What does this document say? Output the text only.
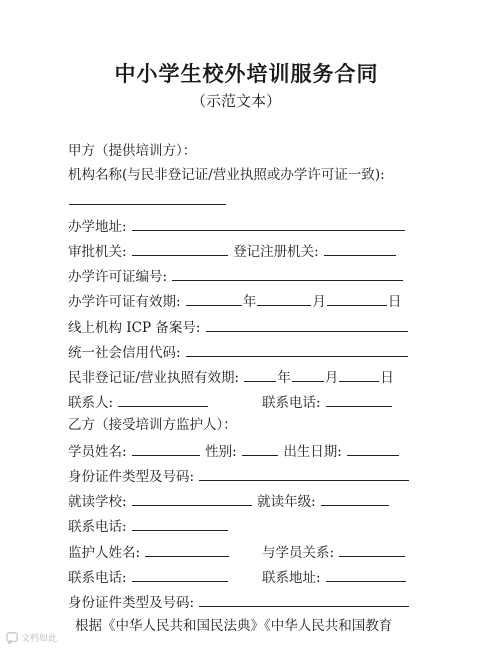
中小学生校外培训服务合同
（示范文本）
甲方（提供培训方）：
机构名称(与民非登记证/营业执照或办学许可证一致):
办学地址:
审批机关:	登记注册机关:
办学许可证编号:
办学许可证有效期:	年	月	日
线上机构 ICP 备案号:
统一社会信用代码:
民非登记证/营业执照有效期:	年	月	日
联系人:	联系电话:
乙方（接受培训方监护人）：
学员姓名:	性别:	出生日期:
身份证件类型及号码:
就读学校:	就读年级:
联系电话:
监护人姓名:	与学员关系:
联系电话:	联系地址:
身份证件类型及号码:
根据《中华人民共和国民法典》《中华人民共和国教育
文档如此
